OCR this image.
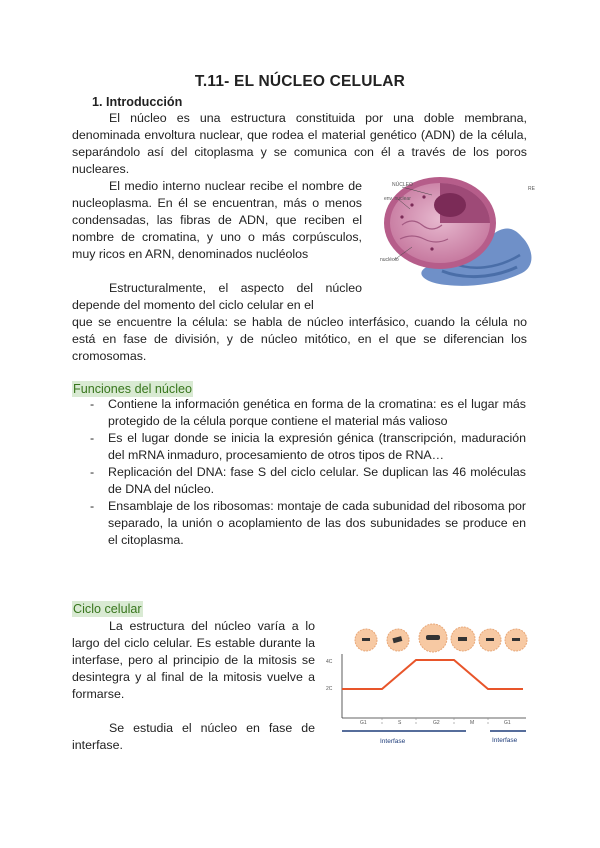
T.11- EL NÚCLEO CELULAR
1. Introducción
El núcleo es una estructura constituida por una doble membrana, denominada envoltura nuclear, que rodea el material genético (ADN) de la célula, separándolo así del citoplasma y se comunica con él a través de los poros nucleares.
El medio interno nuclear recibe el nombre de nucleoplasma. En él se encuentran, más o menos condensadas, las fibras de ADN, que reciben el nombre de cromatina, y uno o más corpúsculos, muy ricos en ARN, denominados nucléolos
Estructuralmente, el aspecto del núcleo depende del momento del ciclo celular en el
que se encuentre la célula: se habla de núcleo interfásico, cuando la célula no está en fase de división, y de núcleo mitótico, en el que se diferencian los cromosomas.
NÚCLEO
env. nuclear
nucléolo
RE
Funciones del núcleo
- Contiene la información genética en forma de la cromatina: es el lugar más protegido de la célula porque contiene el material más valioso
- Es el lugar donde se inicia la expresión génica (transcripción, maduración del mRNA inmaduro, procesamiento de otros tipos de RNA…
- Replicación del DNA: fase S del ciclo celular. Se duplican las 46 moléculas de DNA del núcleo.
- Ensamblaje de los ribosomas: montaje de cada subunidad del ribosoma por separado, la unión o acoplamiento de las dos subunidades se produce en el citoplasma.
Ciclo celular
La estructura del núcleo varía a lo largo del ciclo celular. Es estable durante la interfase, pero al principio de la mitosis se desintegra y al final de la mitosis vuelve a formarse.
Se estudia el núcleo en fase de interfase.
4C
2C
G1	S	G2	M	G1
Interfase	Interfase
